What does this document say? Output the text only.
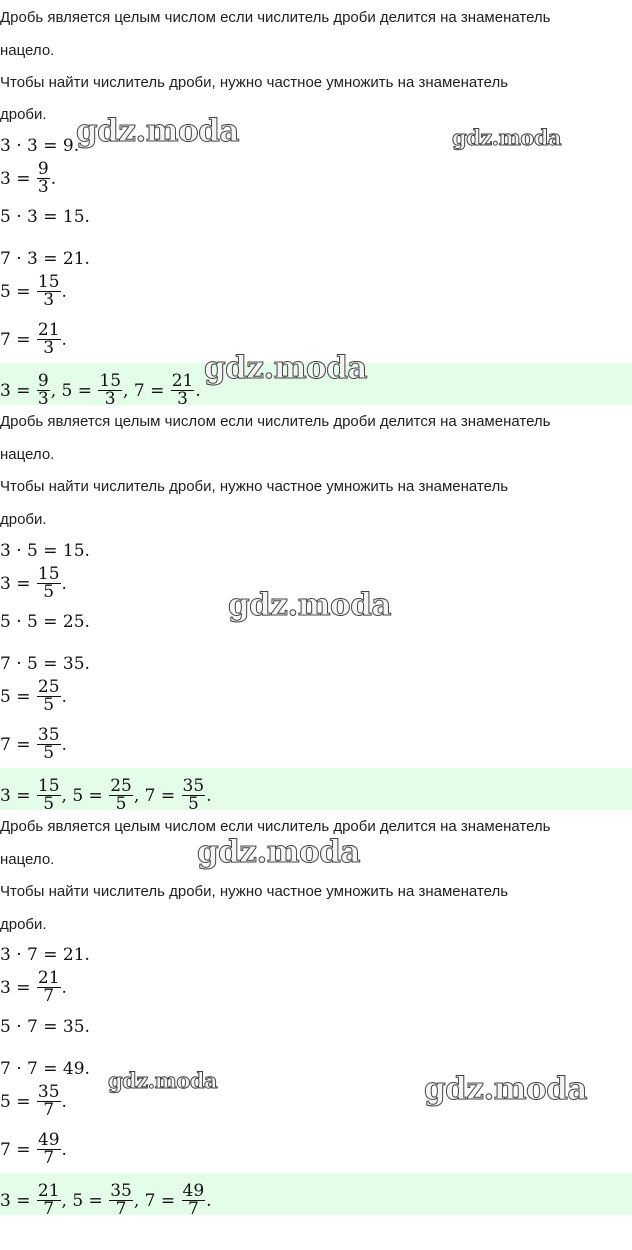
Дробь является целым числом если числитель дроби делится на знаменатель
нацело.
Чтобы найти числитель дроби, нужно частное умножить на знаменатель
дроби.
3 · 3 = 9.
$3 = \frac{9}{3}$ .
5 · 3 = 15.
7 · 3 = 21.
$5 = \frac{15}{3}$ .
$7 = \frac{21}{3}$ .
$3 = \frac{9}{3}$ , $5 = \frac{15}{3}$ , $7 = \frac{21}{3}$ .
Дробь является целым числом если числитель дроби делится на знаменатель
нацело.
Чтобы найти числитель дроби, нужно частное умножить на знаменатель
дроби.
3 · 5 = 15.
$3 = \frac{15}{5}$ .
5 · 5 = 25.
7 · 5 = 35.
$5 = \frac{25}{5}$ .
$7 = \frac{35}{5}$ .
$3 = \frac{15}{5}$ , $5 = \frac{25}{5}$ , $7 = \frac{35}{5}$ .
Дробь является целым числом если числитель дроби делится на знаменатель
нацело.
Чтобы найти числитель дроби, нужно частное умножить на знаменатель
дроби.
3 · 7 = 21.
$3 = \frac{21}{7}$ .
5 · 7 = 35.
7 · 7 = 49.
$5 = \frac{35}{7}$ .
$7 = \frac{49}{7}$ .
$3 = \frac{21}{7}$ , $5 = \frac{35}{7}$ , $7 = \frac{49}{7}$ .
gdz.moda	gdz.moda
gdz.moda
gdz.moda
gdz.moda
gdz.moda	gdz.moda
